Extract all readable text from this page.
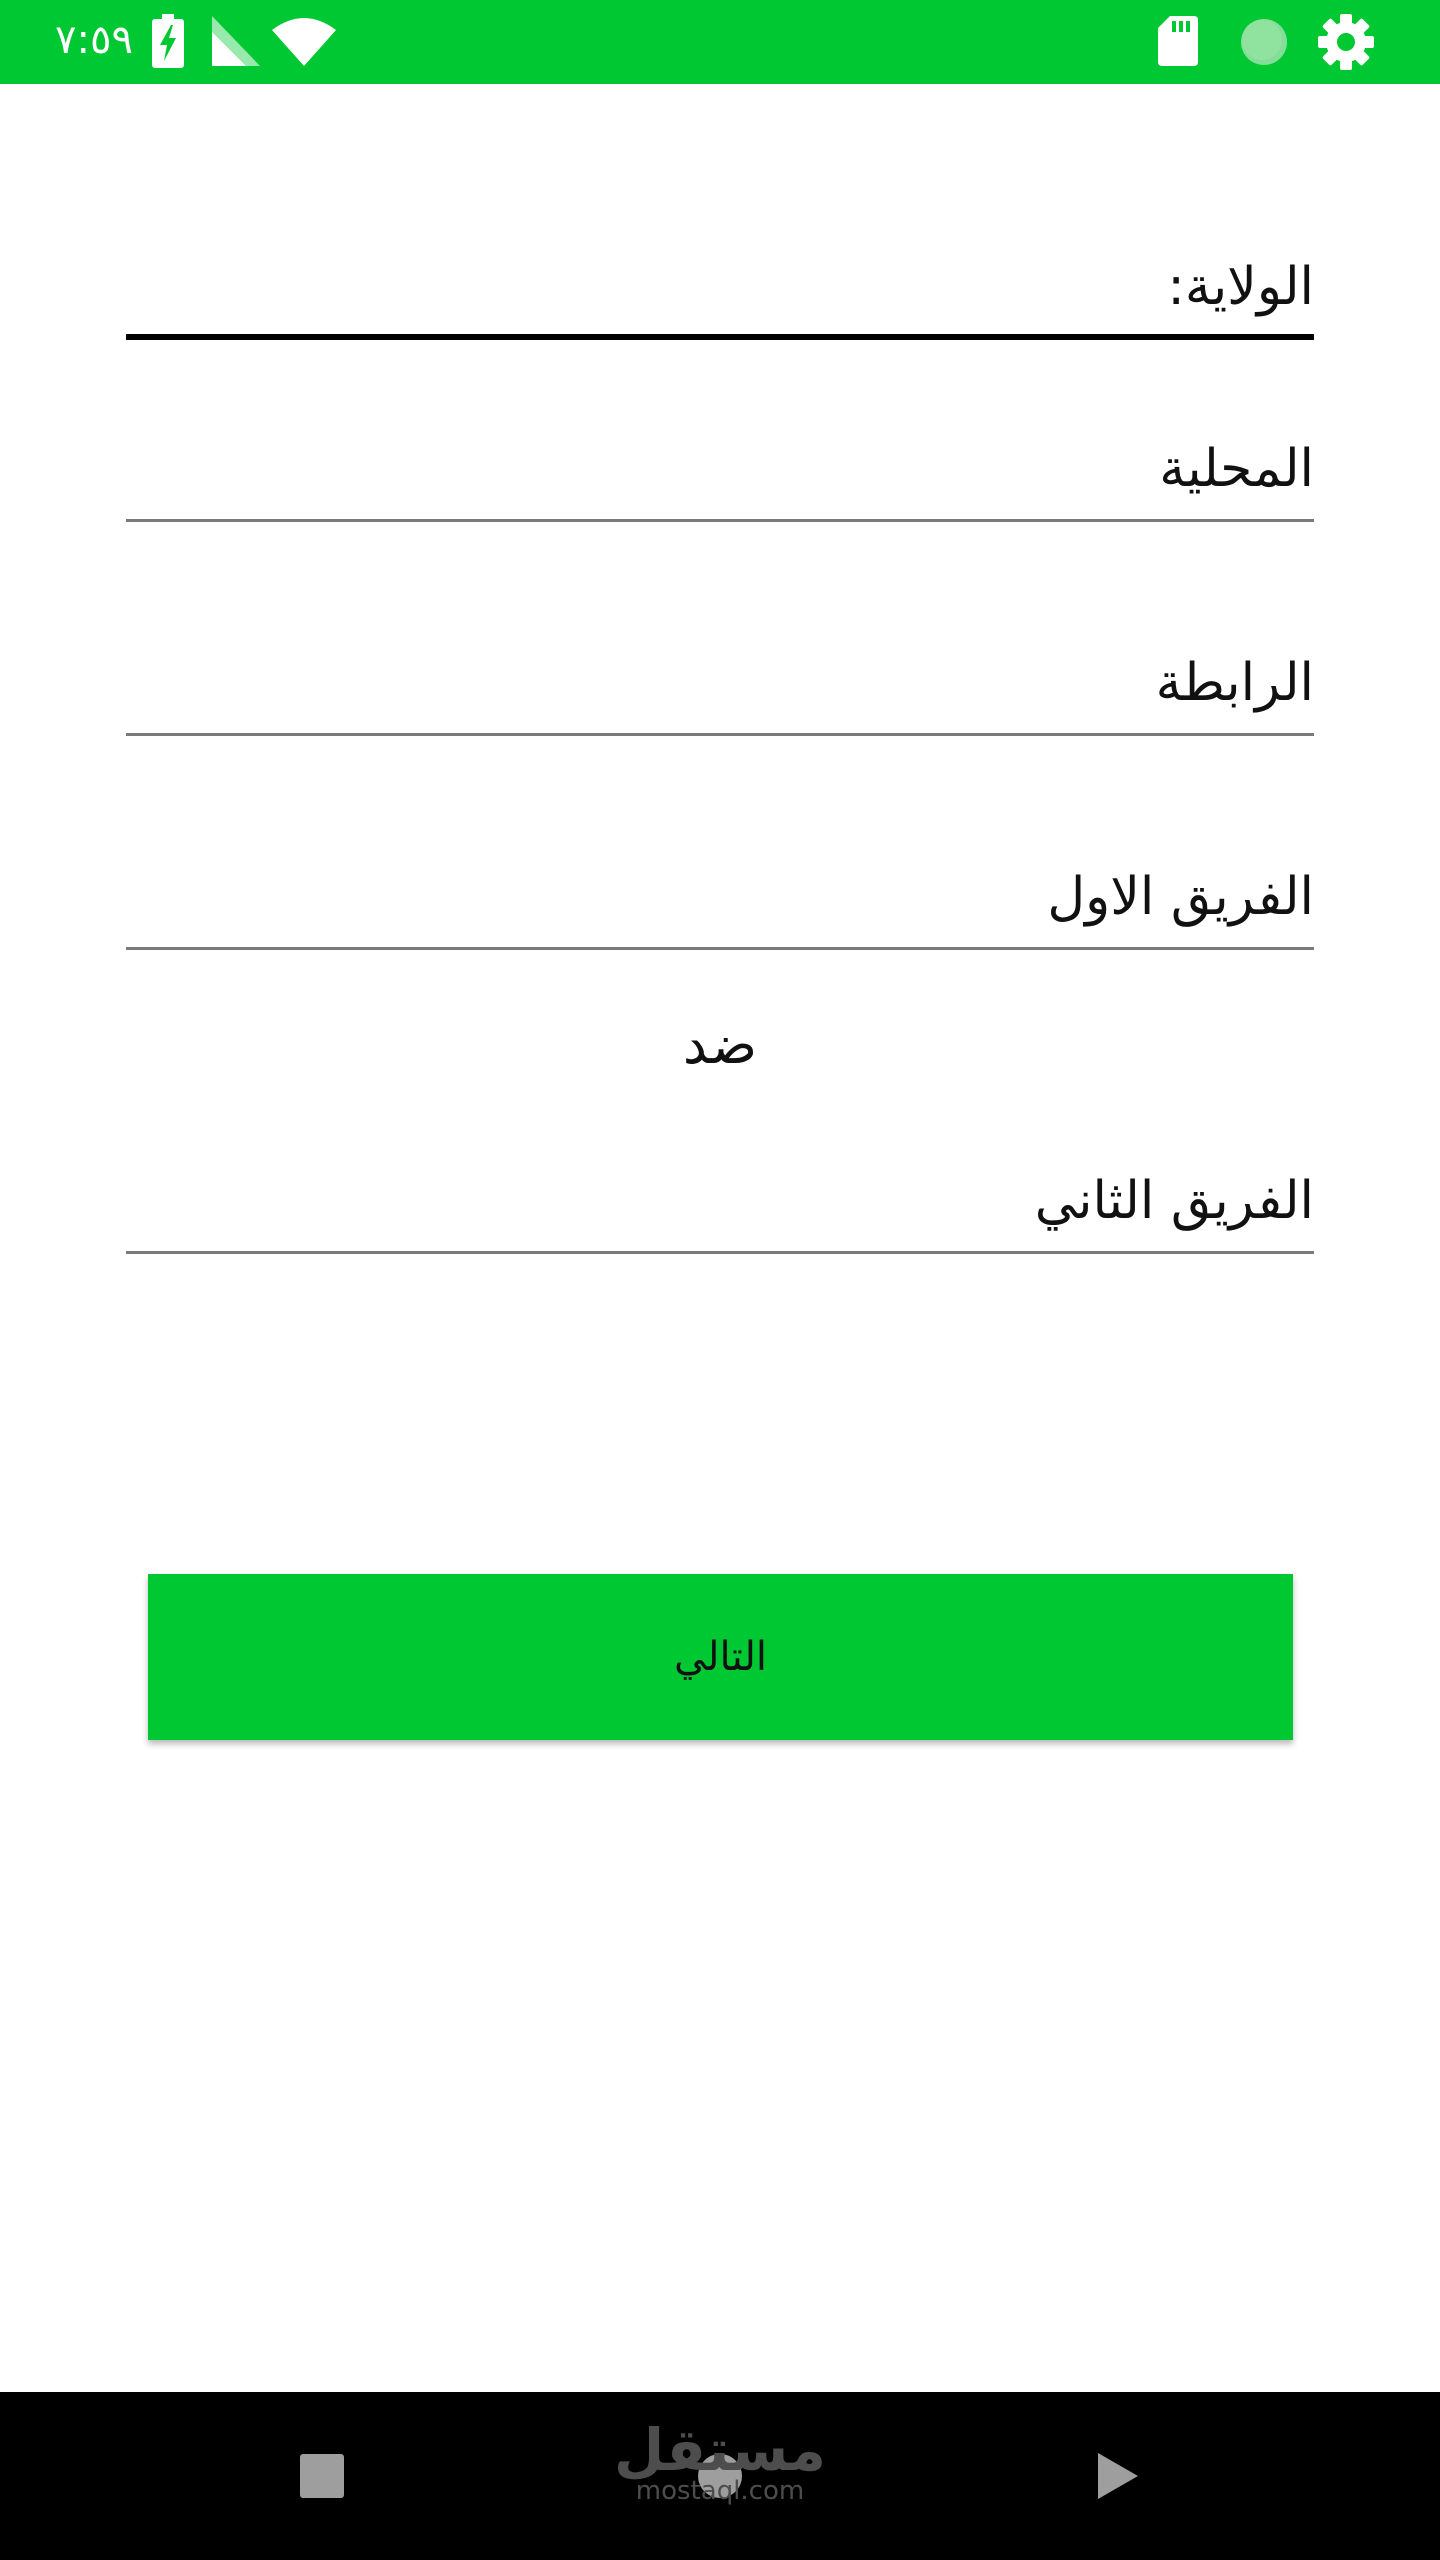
٧:٥٩
الولاية:
المحلية
الرابطة
الفريق الاول
ضد
الفريق الثاني
التالي
مستقل
mostaql.com
